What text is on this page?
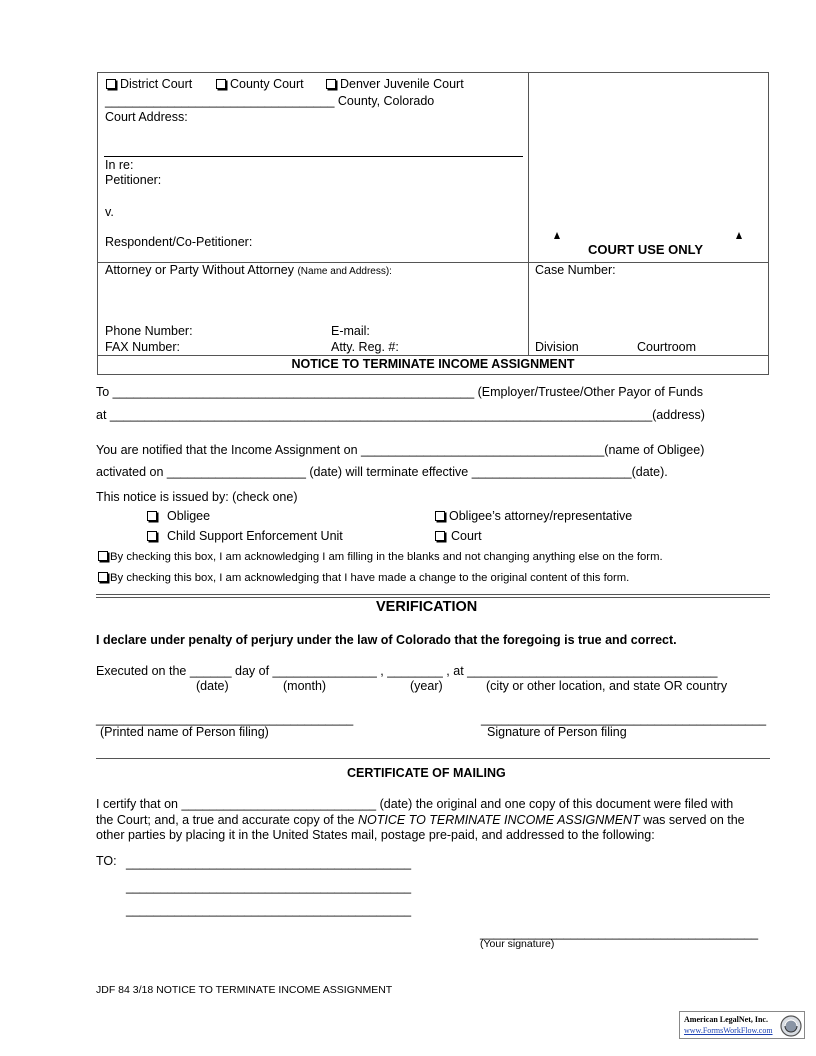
District Court	County Court	Denver Juvenile Court
_________________________________ County, Colorado
Court Address:
In re:
Petitioner:
v.
Respondent/Co-Petitioner:	COURT USE ONLY
Attorney or Party Without Attorney (Name and Address):	Case Number:
Phone Number:	E-mail:
FAX Number:	Atty. Reg. #:	Division	Courtroom
NOTICE TO TERMINATE INCOME ASSIGNMENT
To ____________________________________________________ (Employer/Trustee/Other Payor of Funds
at ______________________________________________________________________________(address)
You are notified that the Income Assignment on ___________________________________(name of Obligee)
activated on ____________________ (date) will terminate effective _______________________(date).
This notice is issued by: (check one)
Obligee	Obligee’s attorney/representative
Child Support Enforcement Unit	Court
By checking this box, I am acknowledging I am filling in the blanks and not changing anything else on the form.
By checking this box, I am acknowledging that I have made a change to the original content of this form.
VERIFICATION
I declare under penalty of perjury under the law of Colorado that the foregoing is true and correct.
Executed on the ______ day of _______________ , ________ , at ____________________________________
(date)	(month)	(year)	(city or other location, and state OR country
_____________________________________	_________________________________________
(Printed name of Person filing)	Signature of Person filing
CERTIFICATE OF MAILING
I certify that on ____________________________ (date) the original and one copy of this document were filed with
the Court; and, a true and accurate copy of the NOTICE TO TERMINATE INCOME ASSIGNMENT was served on the
other parties by placing it in the United States mail, postage pre-paid, and addressed to the following:
TO: _________________________________________
_________________________________________
_________________________________________
________________________________________
(Your signature)
JDF 84 3/18 NOTICE TO TERMINATE INCOME ASSIGNMENT
American LegalNet, Inc.
www.FormsWorkFlow.com
